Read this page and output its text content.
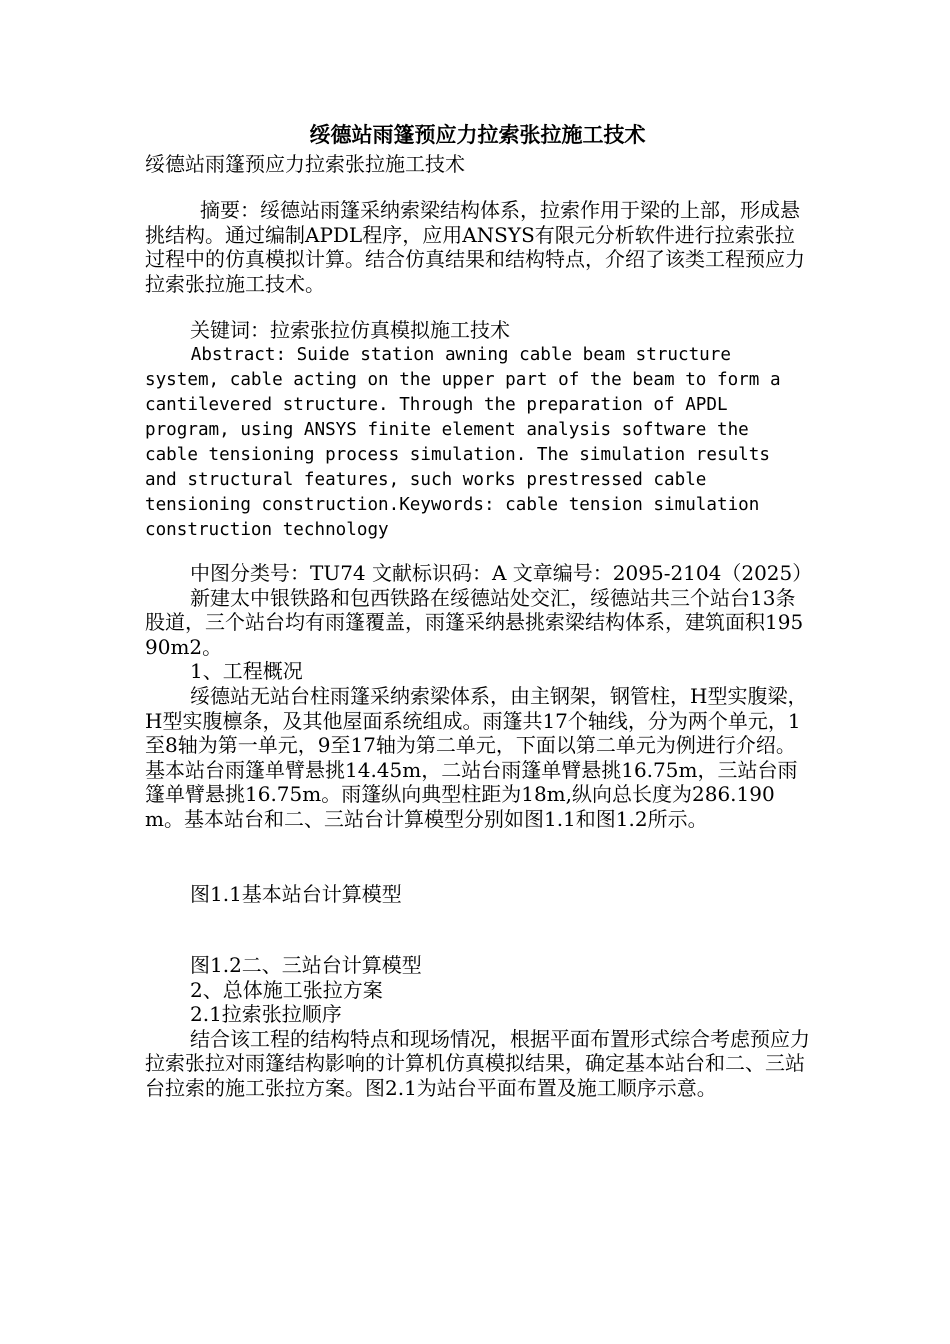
绥德站雨篷预应力拉索张拉施工技术

绥德站雨篷预应力拉索张拉施工技术

摘要：绥德站雨篷采纳索梁结构体系，拉索作用于梁的上部，形成悬挑结构。通过编制APDL程序，应用ANSYS有限元分析软件进行拉索张拉过程中的仿真模拟计算。结合仿真结果和结构特点，介绍了该类工程预应力拉索张拉施工技术。

关键词：拉索张拉仿真模拟施工技术

Abstract: Suide station awning cable beam structure system, cable acting on the upper part of the beam to form a cantilevered structure. Through the preparation of APDL program, using ANSYS finite element analysis software the cable tensioning process simulation. The simulation results and structural features, such works prestressed cable tensioning construction.Keywords: cable tension simulation construction technology

中图分类号：TU74 文献标识码：A 文章编号：2095-2104（2025）

新建太中银铁路和包西铁路在绥德站处交汇，绥德站共三个站台13条股道，三个站台均有雨篷覆盖，雨篷采纳悬挑索梁结构体系，建筑面积19590m2。

1、工程概况

绥德站无站台柱雨篷采纳索梁体系，由主钢架，钢管柱，H型实腹梁，H型实腹檩条，及其他屋面系统组成。雨篷共17个轴线，分为两个单元，1至8轴为第一单元，9至17轴为第二单元，下面以第二单元为例进行介绍。基本站台雨篷单臂悬挑14.45m，二站台雨篷单臂悬挑16.75m，三站台雨篷单臂悬挑16.75m。雨篷纵向典型柱距为18m,纵向总长度为286.190m。基本站台和二、三站台计算模型分别如图1.1和图1.2所示。

图1.1基本站台计算模型

图1.2二、三站台计算模型

2、总体施工张拉方案

2.1拉索张拉顺序

结合该工程的结构特点和现场情况，根据平面布置形式综合考虑预应力拉索张拉对雨篷结构影响的计算机仿真模拟结果，确定基本站台和二、三站台拉索的施工张拉方案。图2.1为站台平面布置及施工顺序示意。
